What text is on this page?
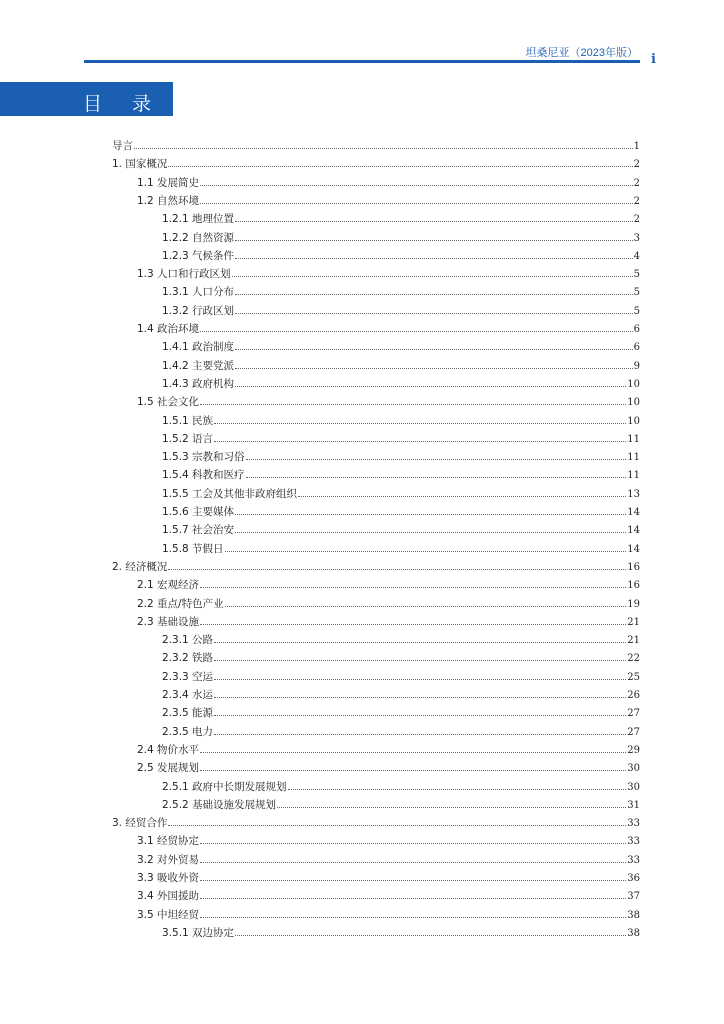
坦桑尼亚（2023年版） i
目 录
导言	1
1. 国家概况	2
1.1 发展简史	2
1.2 自然环境	2
1.2.1 地理位置	2
1.2.2 自然资源	3
1.2.3 气候条件	4
1.3 人口和行政区划	5
1.3.1 人口分布	5
1.3.2 行政区划	5
1.4 政治环境	6
1.4.1 政治制度	6
1.4.2 主要党派	9
1.4.3 政府机构	10
1.5 社会文化	10
1.5.1 民族	10
1.5.2 语言	11
1.5.3 宗教和习俗	11
1.5.4 科教和医疗	11
1.5.5 工会及其他非政府组织	13
1.5.6 主要媒体	14
1.5.7 社会治安	14
1.5.8 节假日	14
2. 经济概况	16
2.1 宏观经济	16
2.2 重点/特色产业	19
2.3 基础设施	21
2.3.1 公路	21
2.3.2 铁路	22
2.3.3 空运	25
2.3.4 水运	26
2.3.5 能源	27
2.3.5 电力	27
2.4 物价水平	29
2.5 发展规划	30
2.5.1 政府中长期发展规划	30
2.5.2 基础设施发展规划	31
3. 经贸合作	33
3.1 经贸协定	33
3.2 对外贸易	33
3.3 吸收外资	36
3.4 外国援助	37
3.5 中坦经贸	38
3.5.1 双边协定	38
